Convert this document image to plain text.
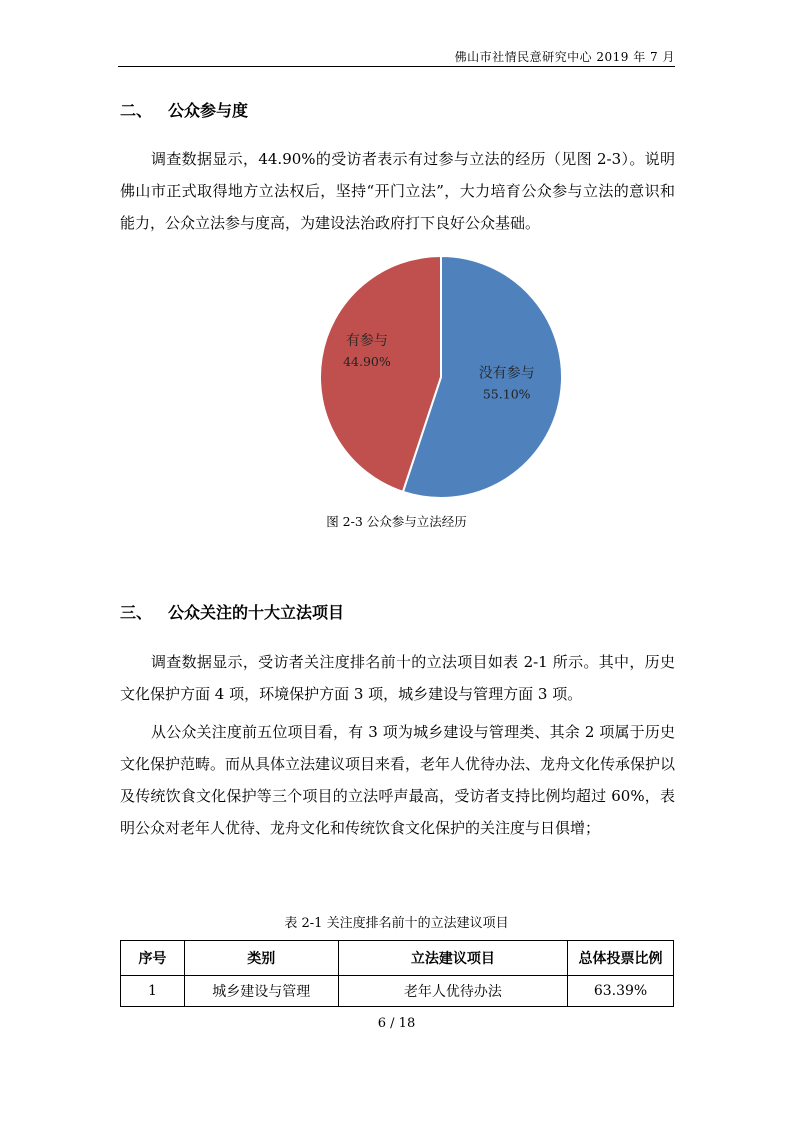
佛山市社情民意研究中心 2019 年 7 月
二、 公众参与度

调查数据显示，44.90%的受访者表示有过参与立法的经历（见图 2-3）。说明佛山市正式取得地方立法权后，坚持“开门立法”，大力培育公众参与立法的意识和能力，公众立法参与度高，为建设法治政府打下良好公众基础。

没有参与
55.10%
有参与
44.90%
图 2-3 公众参与立法经历
三、 公众关注的十大立法项目

调查数据显示，受访者关注度排名前十的立法项目如表 2-1 所示。其中，历史文化保护方面 4 项，环境保护方面 3 项，城乡建设与管理方面 3 项。

从公众关注度前五位项目看，有 3 项为城乡建设与管理类、其余 2 项属于历史文化保护范畴。而从具体立法建议项目来看，老年人优待办法、龙舟文化传承保护以及传统饮食文化保护等三个项目的立法呼声最高，受访者支持比例均超过 60%，表明公众对老年人优待、龙舟文化和传统饮食文化保护的关注度与日俱增；

表 2-1 关注度排名前十的立法建议项目
序号	类别	立法建议项目	总体投票比例
1	城乡建设与管理	老年人优待办法	63.39%
6 / 18
